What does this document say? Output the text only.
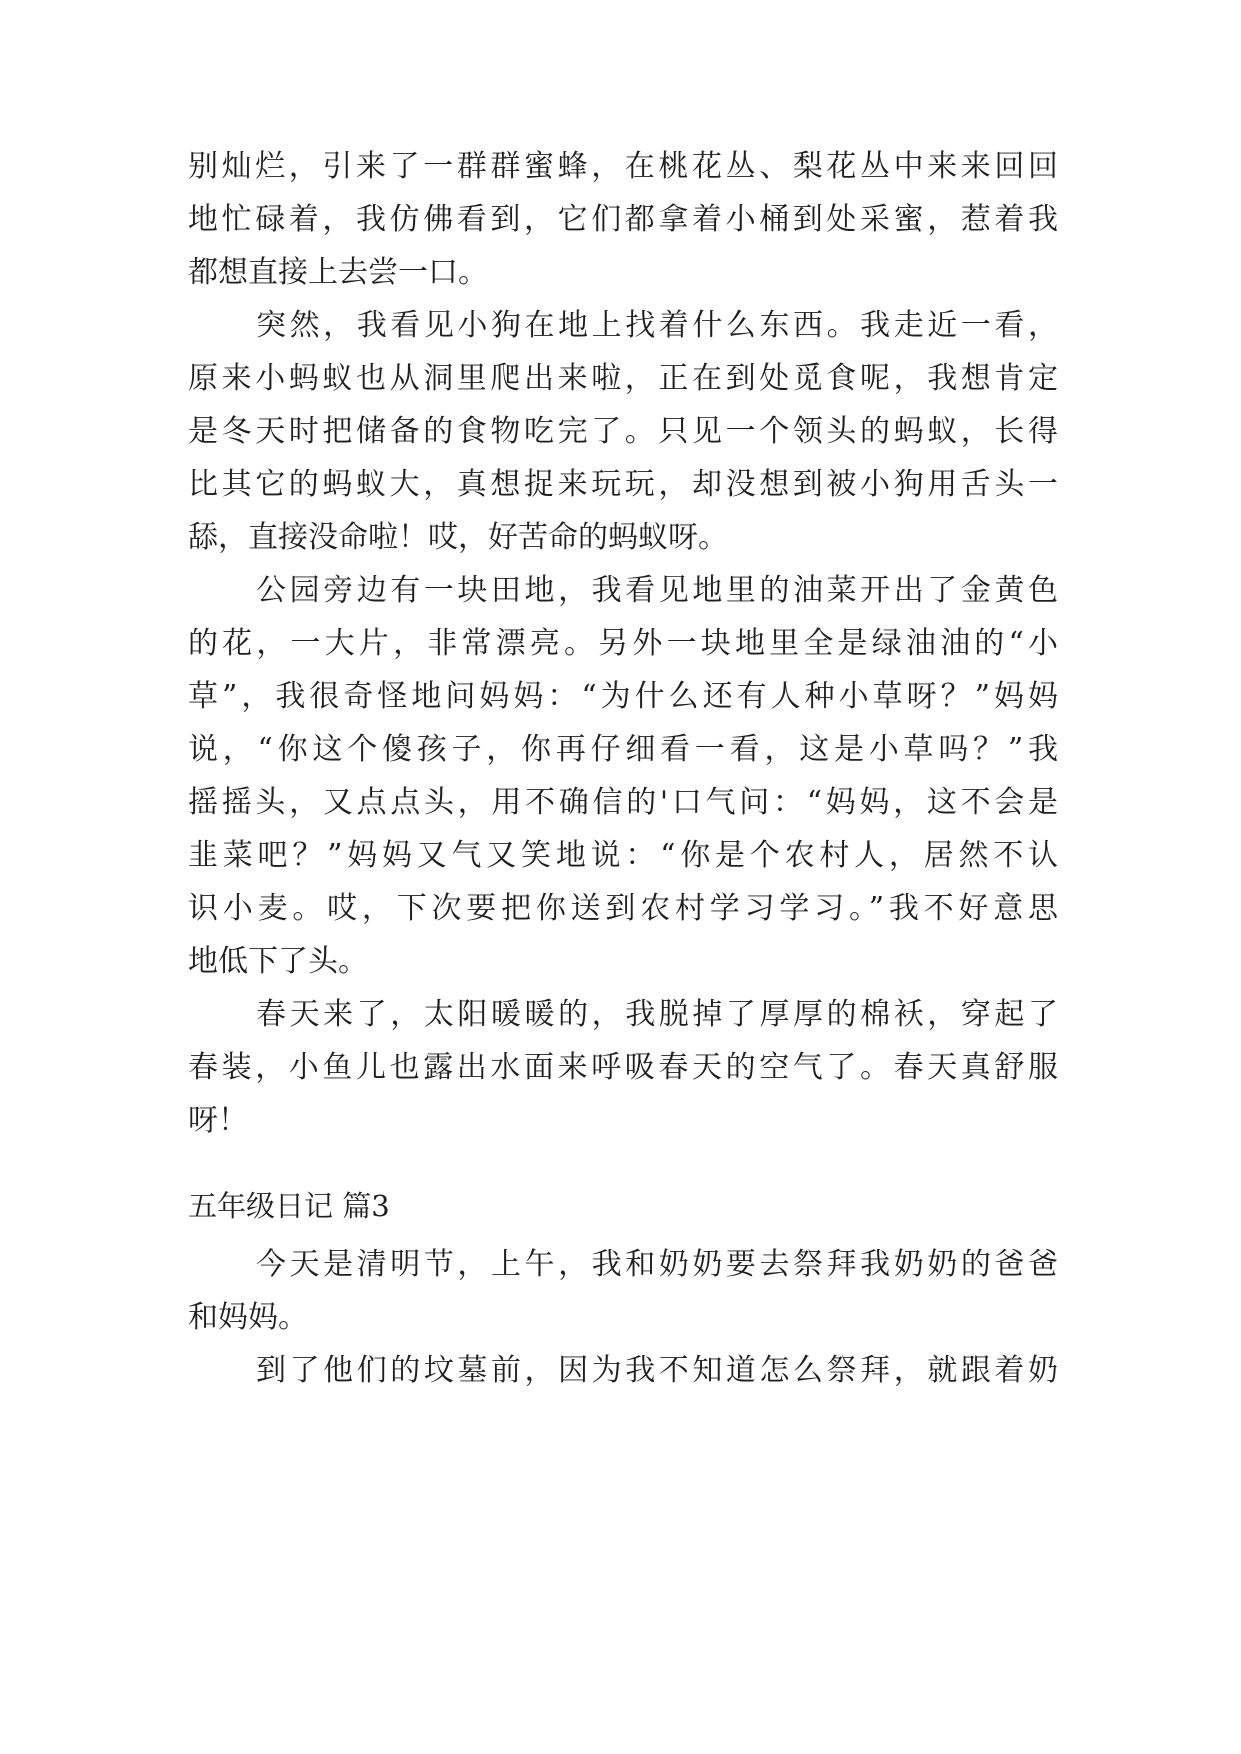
别灿烂，引来了一群群蜜蜂，在桃花丛、梨花丛中来来回回
地忙碌着，我仿佛看到，它们都拿着小桶到处采蜜，惹着我
都想直接上去尝一口。
突然，我看见小狗在地上找着什么东西。我走近一看，
原来小蚂蚁也从洞里爬出来啦，正在到处觅食呢，我想肯定
是冬天时把储备的食物吃完了。只见一个领头的蚂蚁，长得
比其它的蚂蚁大，真想捉来玩玩，却没想到被小狗用舌头一
舔，直接没命啦！哎，好苦命的蚂蚁呀。
公园旁边有一块田地，我看见地里的油菜开出了金黄色
的花，一大片，非常漂亮。另外一块地里全是绿油油的“小
草”，我很奇怪地问妈妈：“为什么还有人种小草呀？”妈妈
说，“你这个傻孩子，你再仔细看一看，这是小草吗？”我
摇摇头，又点点头，用不确信的'口气问：“妈妈，这不会是
韭菜吧？”妈妈又气又笑地说：“你是个农村人，居然不认
识小麦。哎，下次要把你送到农村学习学习。”我不好意思
地低下了头。
春天来了，太阳暖暖的，我脱掉了厚厚的棉袄，穿起了
春装，小鱼儿也露出水面来呼吸春天的空气了。春天真舒服
呀！
五年级日记 篇3
今天是清明节，上午，我和奶奶要去祭拜我奶奶的爸爸
和妈妈。
到了他们的坟墓前，因为我不知道怎么祭拜，就跟着奶
